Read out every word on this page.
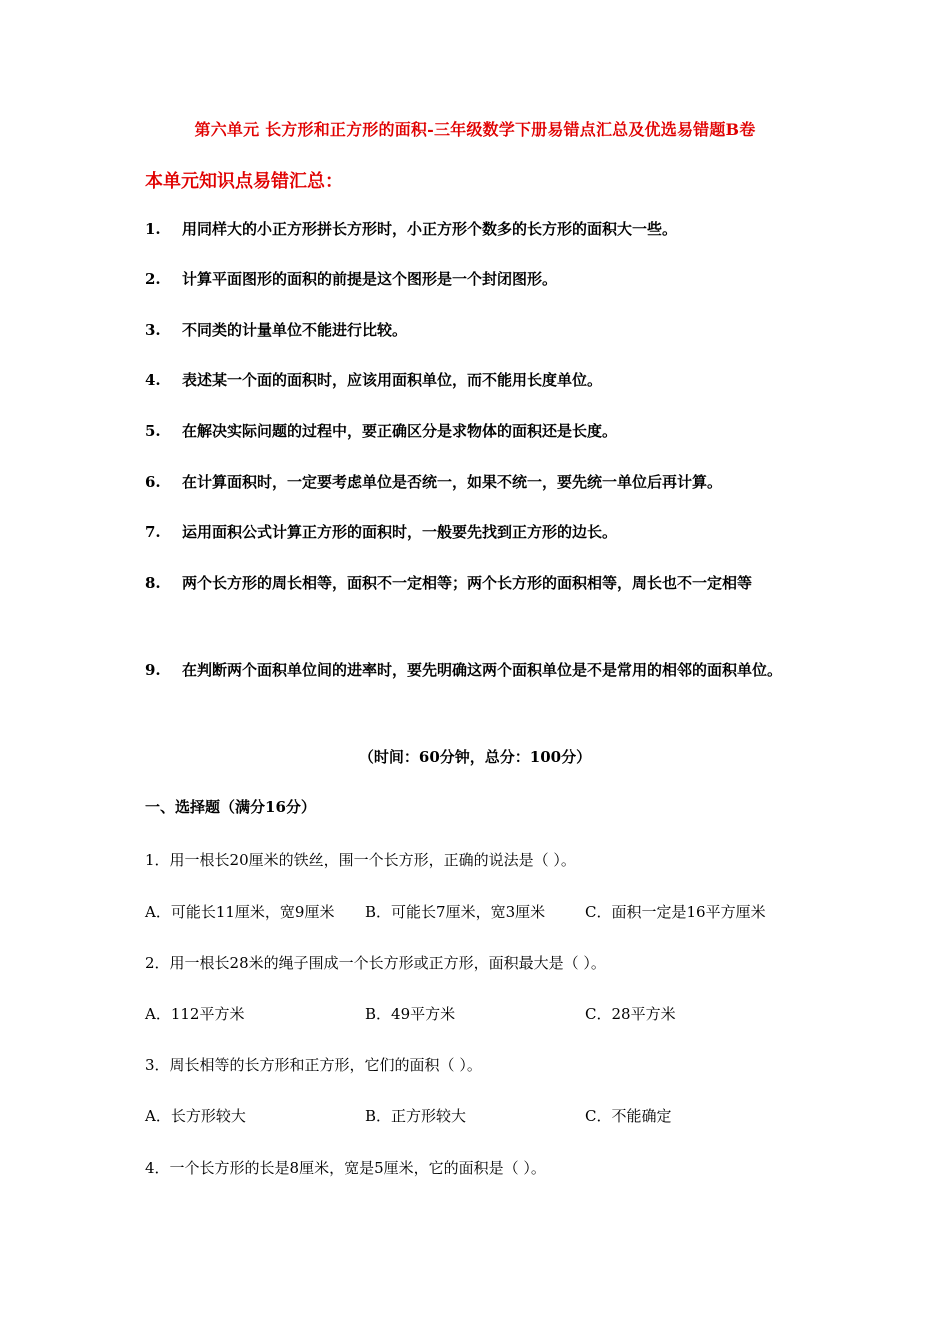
第六单元 长方形和正方形的面积-三年级数学下册易错点汇总及优选易错题B卷
本单元知识点易错汇总：
1. 用同样大的小正方形拼长方形时，小正方形个数多的长方形的面积大一些。
2. 计算平面图形的面积的前提是这个图形是一个封闭图形。
3. 不同类的计量单位不能进行比较。
4. 表述某一个面的面积时，应该用面积单位，而不能用长度单位。
5. 在解决实际问题的过程中，要正确区分是求物体的面积还是长度。
6. 在计算面积时，一定要考虑单位是否统一，如果不统一，要先统一单位后再计算。
7. 运用面积公式计算正方形的面积时，一般要先找到正方形的边长。
8. 两个长方形的周长相等，面积不一定相等；两个长方形的面积相等，周长也不一定相等
9. 在判断两个面积单位间的进率时，要先明确这两个面积单位是不是常用的相邻的面积单位。
（时间：60分钟，总分：100分）
一、选择题（满分16分）
1．用一根长20厘米的铁丝，围一个长方形，正确的说法是（ ）。
A．可能长11厘米，宽9厘米 B．可能长7厘米，宽3厘米	C．面积一定是16平方厘米
2．用一根长28米的绳子围成一个长方形或正方形，面积最大是（ ）。
A．112平方米	B．49平方米	C．28平方米
3．周长相等的长方形和正方形，它们的面积（ ）。
A．长方形较大	B．正方形较大	C．不能确定
4．一个长方形的长是8厘米，宽是5厘米，它的面积是（ ）。
